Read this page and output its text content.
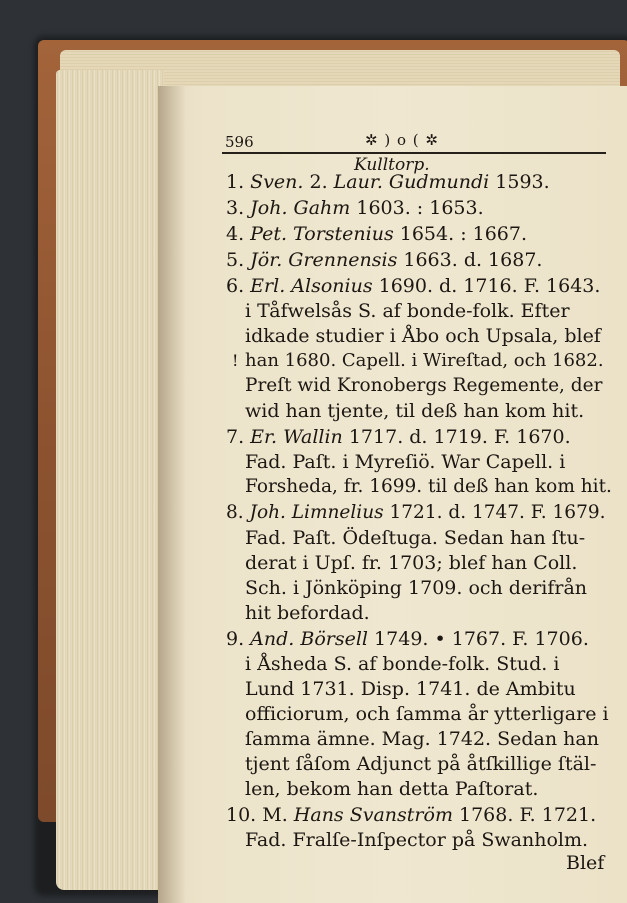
596	✲ ) o ( ✲
Kulltorp.
1. Sven. 2. Laur. Gudmundi 1593.
3. Joh. Gahm 1603. : 1653.
4. Pet. Torstenius 1654. : 1667.
5. Jör. Grennensis 1663. d. 1687.
6. Erl. Alsonius 1690. d. 1716. F. 1643.
i Tåfwelsås S. af bonde-folk. Efter
idkade studier i Åbo och Upsala, blef
han 1680. Capell. i Wireſtad, och 1682.
Preſt wid Kronobergs Regemente, der
wid han tjente, til deß han kom hit.
7. Er. Wallin 1717. d. 1719. F. 1670.
Fad. Paſt. i Myreſiö. War Capell. i
Forsheda, fr. 1699. til deß han kom hit.
8. Joh. Limnelius 1721. d. 1747. F. 1679.
Fad. Paſt. Ödeſtuga. Sedan han ſtu-
derat i Upſ. fr. 1703; blef han Coll.
Sch. i Jönköping 1709. och derifrån
hit befordad.
9. And. Börsell 1749. • 1767. F. 1706.
i Åsheda S. af bonde-folk. Stud. i
Lund 1731. Disp. 1741. de Ambitu
officiorum, och ſamma år ytterligare i
ſamma ämne. Mag. 1742. Sedan han
tjent ſåſom Adjunct på åtſkillige ſtäl-
len, bekom han detta Paſtorat.
10. M. Hans Svanström 1768. F. 1721.
Fad. Fralſe-Inſpector på Swanholm.
!
Blef
